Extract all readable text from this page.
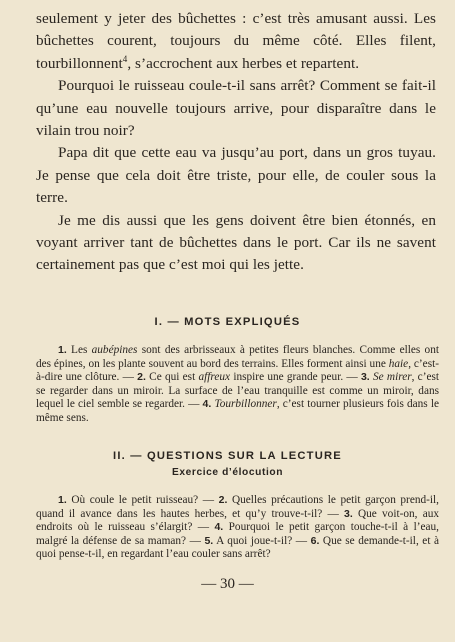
seulement y jeter des bûchettes : c’est très amusant aussi. Les bûchettes courent, toujours du même côté. Elles filent, tourbillonnent$^4$, s’accrochent aux herbes et repartent.

Pourquoi le ruisseau coule-t-il sans arrêt? Comment se fait-il qu’une eau nouvelle toujours arrive, pour disparaître dans le vilain trou noir?

Papa dit que cette eau va jusqu’au port, dans un gros tuyau. Je pense que cela doit être triste, pour elle, de couler sous la terre.

Je me dis aussi que les gens doivent être bien étonnés, en voyant arriver tant de bûchettes dans le port. Car ils ne savent certainement pas que c’est moi qui les jette.

I. — MOTS EXPLIQUÉS

1. Les aubépines sont des arbrisseaux à petites fleurs blanches. Comme elles ont des épines, on les plante souvent au bord des terrains. Elles forment ainsi une haie, c’est-à-dire une clôture. — 2. Ce qui est affreux inspire une grande peur. — 3. Se mirer, c’est se regarder dans un miroir. La surface de l’eau tranquille est comme un miroir, dans lequel le ciel semble se regarder. — 4. Tourbillonner, c’est tourner plusieurs fois dans le même sens.

II. — QUESTIONS SUR LA LECTURE
Exercice d’élocution

1. Où coule le petit ruisseau? — 2. Quelles précautions le petit garçon prend-il, quand il avance dans les hautes herbes, et qu’y trouve-t-il? — 3. Que voit-on, aux endroits où le ruisseau s’élargit? — 4. Pourquoi le petit garçon touche-t-il à l’eau, malgré la défense de sa maman? — 5. A quoi joue-t-il? — 6. Que se demande-t-il, et à quoi pense-t-il, en regardant l’eau couler sans arrêt?

— 30 —
